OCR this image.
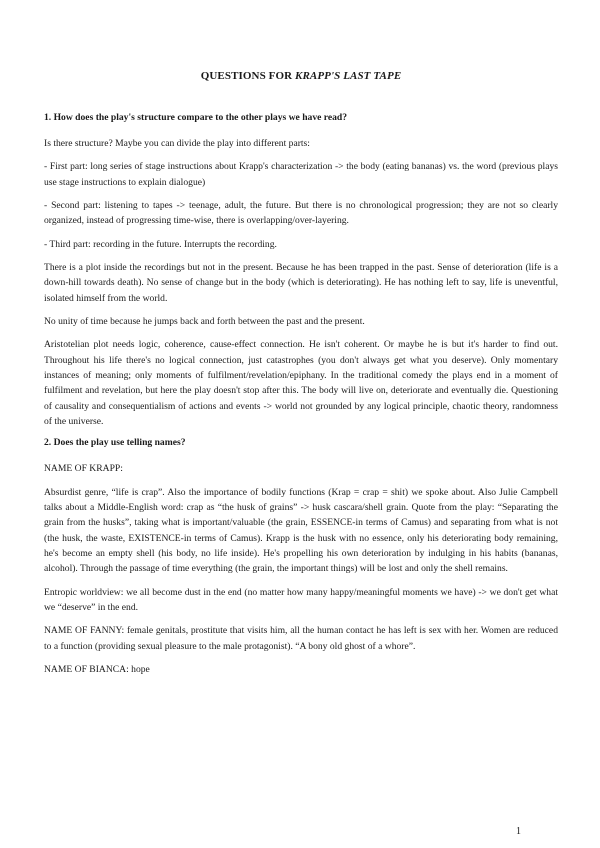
QUESTIONS FOR KRAPP'S LAST TAPE
1. How does the play's structure compare to the other plays we have read?
Is there structure? Maybe you can divide the play into different parts:
- First part: long series of stage instructions about Krapp's characterization -> the body (eating bananas) vs. the word (previous plays use stage instructions to explain dialogue)
- Second part: listening to tapes -> teenage, adult, the future. But there is no chronological progression; they are not so clearly organized, instead of progressing time-wise, there is overlapping/over-layering.
- Third part: recording in the future. Interrupts the recording.
There is a plot inside the recordings but not in the present. Because he has been trapped in the past. Sense of deterioration (life is a down-hill towards death). No sense of change but in the body (which is deteriorating). He has nothing left to say, life is uneventful, isolated himself from the world.
No unity of time because he jumps back and forth between the past and the present.
Aristotelian plot needs logic, coherence, cause-effect connection. He isn't coherent. Or maybe he is but it's harder to find out. Throughout his life there's no logical connection, just catastrophes (you don't always get what you deserve). Only momentary instances of meaning; only moments of fulfilment/revelation/epiphany. In the traditional comedy the plays end in a moment of fulfilment and revelation, but here the play doesn't stop after this. The body will live on, deteriorate and eventually die. Questioning of causality and consequentialism of actions and events -> world not grounded by any logical principle, chaotic theory, randomness of the universe.
2. Does the play use telling names?
NAME OF KRAPP:
Absurdist genre, “life is crap”. Also the importance of bodily functions (Krap = crap = shit) we spoke about. Also Julie Campbell talks about a Middle-English word: crap as “the husk of grains” -> husk cascara/shell grain. Quote from the play: “Separating the grain from the husks”, taking what is important/valuable (the grain, ESSENCE-in terms of Camus) and separating from what is not (the husk, the waste, EXISTENCE-in terms of Camus). Krapp is the husk with no essence, only his deteriorating body remaining, he's become an empty shell (his body, no life inside). He's propelling his own deterioration by indulging in his habits (bananas, alcohol). Through the passage of time everything (the grain, the important things) will be lost and only the shell remains.
Entropic worldview: we all become dust in the end (no matter how many happy/meaningful moments we have) -> we don't get what we “deserve” in the end.
NAME OF FANNY: female genitals, prostitute that visits him, all the human contact he has left is sex with her. Women are reduced to a function (providing sexual pleasure to the male protagonist). “A bony old ghost of a whore”.
NAME OF BIANCA: hope
1
